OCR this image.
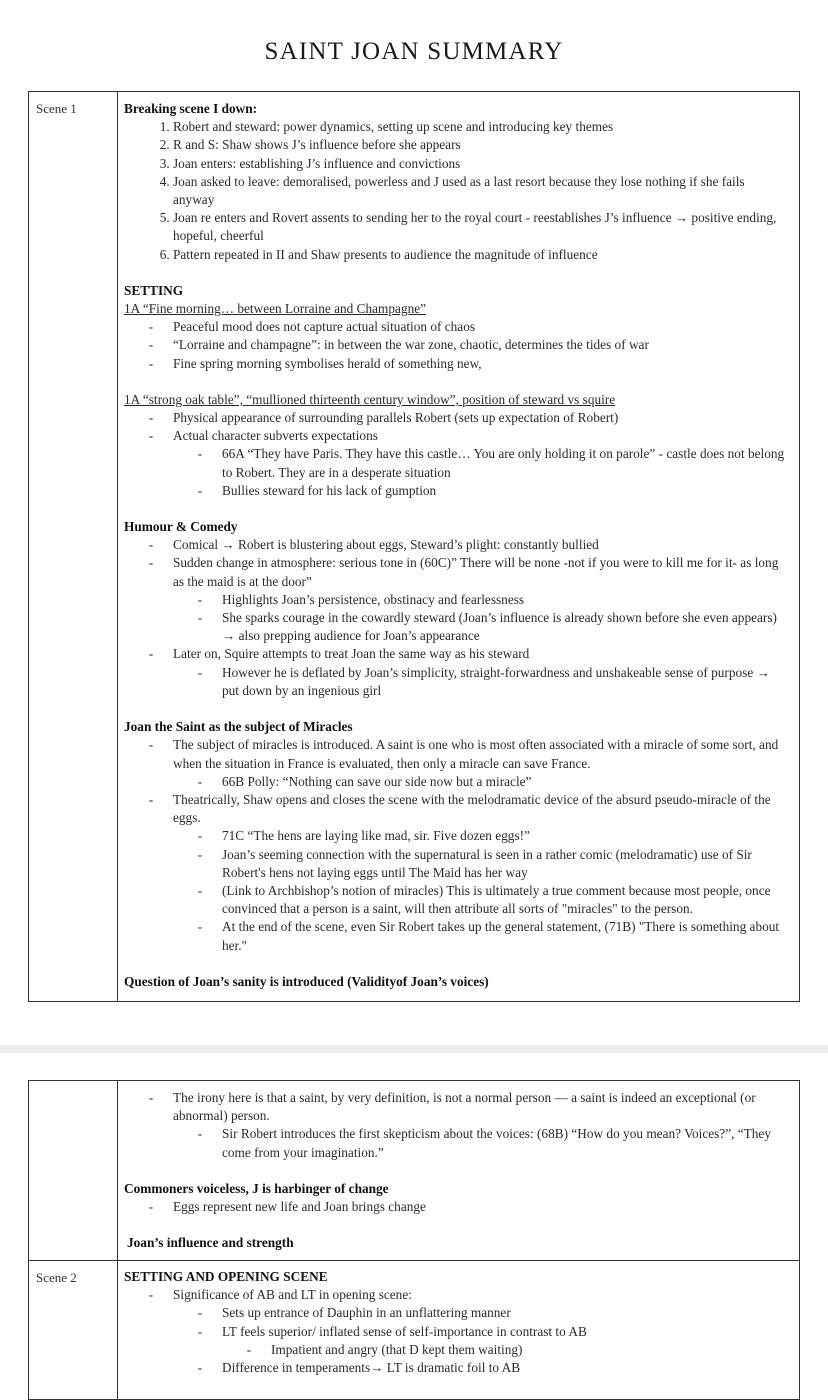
SAINT JOAN SUMMARY
Scene 1	Breaking scene I down:

1. Robert and steward: power dynamics, setting up scene and introducing key themes
2. R and S: Shaw shows J’s influence before she appears
3. Joan enters: establishing J’s influence and convictions
4. Joan asked to leave: demoralised, powerless and J used as a last resort because they lose nothing if she fails anyway
5. Joan re enters and Rovert assents to sending her to the royal court - reestablishes J’s influence → positive ending, hopeful, cheerful
6. Pattern repeated in II and Shaw presents to audience the magnitude of influence

SETTING

1A “Fine morning… between Lorraine and Champagne”

-	Peaceful mood does not capture actual situation of chaos
-	“Lorraine and champagne”: in between the war zone, chaotic, determines the tides of war
-	Fine spring morning symbolises herald of something new,

1A “strong oak table”, “mullioned thirteenth century window”, position of steward vs squire

-	Physical appearance of surrounding parallels Robert (sets up expectation of Robert)
-	Actual character subverts expectations
-	66A “They have Paris. They have this castle… You are only holding it on parole” - castle does not belong to Robert. They are in a desperate situation
-	Bullies steward for his lack of gumption

Humour & Comedy

-	Comical → Robert is blustering about eggs, Steward’s plight: constantly bullied
-	Sudden change in atmosphere: serious tone in (60C)” There will be none -not if you were to kill me for it- as long as the maid is at the door”
-	Highlights Joan’s persistence, obstinacy and fearlessness
-	She sparks courage in the cowardly steward (Joan’s influence is already shown before she even appears) → also prepping audience for Joan’s appearance
-	Later on, Squire attempts to treat Joan the same way as his steward
-	However he is deflated by Joan’s simplicity, straight-forwardness and unshakeable sense of purpose → put down by an ingenious girl

Joan the Saint as the subject of Miracles

-	The subject of miracles is introduced. A saint is one who is most often associated with a miracle of some sort, and when the situation in France is evaluated, then only a miracle can save France.
-	66B Polly: “Nothing can save our side now but a miracle”
-	Theatrically, Shaw opens and closes the scene with the melodramatic device of the absurd pseudo-miracle of the eggs.
-	71C “The hens are laying like mad, sir. Five dozen eggs!”
-	Joan’s seeming connection with the supernatural is seen in a rather comic (melodramatic) use of Sir Robert's hens not laying eggs until The Maid has her way
-	(Link to Archbishop’s notion of miracles) This is ultimately a true comment because most people, once convinced that a person is a saint, will then attribute all sorts of "miracles" to the person.
-	At the end of the scene, even Sir Robert takes up the general statement, (71B) "There is something about her."

Question of Joan’s sanity is introduced (Validityof Joan’s voices)

-	The irony here is that a saint, by very definition, is not a normal person — a saint is indeed an exceptional (or abnormal) person.
-	Sir Robert introduces the first skepticism about the voices: (68B) “How do you mean? Voices?”, “They come from your imagination.”

Commoners voiceless, J is harbinger of change

-	Eggs represent new life and Joan brings change

Joan’s influence and strength

Scene 2	SETTING AND OPENING SCENE

-	Significance of AB and LT in opening scene:
-	Sets up entrance of Dauphin in an unflattering manner
-	LT feels superior/ inflated sense of self-importance in contrast to AB
-	Impatient and angry (that D kept them waiting)
-	Difference in temperaments→ LT is dramatic foil to AB
